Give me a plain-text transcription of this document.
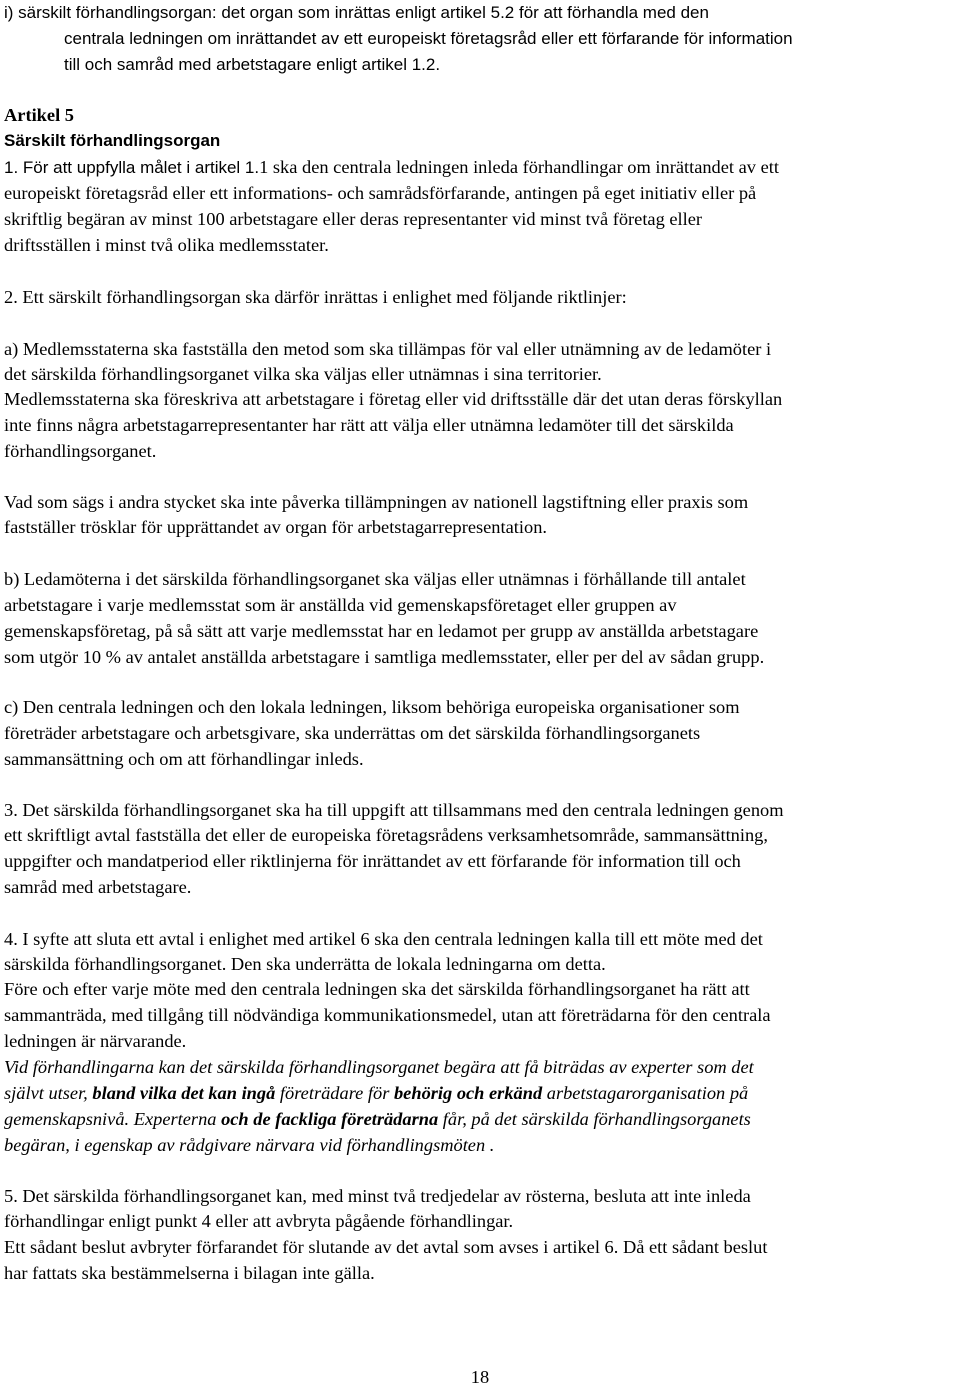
i) särskilt förhandlingsorgan: det organ som inrättas enligt artikel 5.2 för att förhandla med den
centrala ledningen om inrättandet av ett europeiskt företagsråd eller ett förfarande för information
till och samråd med arbetstagare enligt artikel 1.2.
Artikel 5
Särskilt förhandlingsorgan
1. För att uppfylla målet i artikel 1.1 ska den centrala ledningen inleda förhandlingar om inrättandet av ett
europeiskt företagsråd eller ett informations- och samrådsförfarande, antingen på eget initiativ eller på
skriftlig begäran av minst 100 arbetstagare eller deras representanter vid minst två företag eller
driftsställen i minst två olika medlemsstater.
2. Ett särskilt förhandlingsorgan ska därför inrättas i enlighet med följande riktlinjer:
a) Medlemsstaterna ska fastställa den metod som ska tillämpas för val eller utnämning av de ledamöter i
det särskilda förhandlingsorganet vilka ska väljas eller utnämnas i sina territorier.
Medlemsstaterna ska föreskriva att arbetstagare i företag eller vid driftsställe där det utan deras förskyllan
inte finns några arbetstagarrepresentanter har rätt att välja eller utnämna ledamöter till det särskilda
förhandlingsorganet.
Vad som sägs i andra stycket ska inte påverka tillämpningen av nationell lagstiftning eller praxis som
fastställer trösklar för upprättandet av organ för arbetstagarrepresentation.
b) Ledamöterna i det särskilda förhandlingsorganet ska väljas eller utnämnas i förhållande till antalet
arbetstagare i varje medlemsstat som är anställda vid gemenskapsföretaget eller gruppen av
gemenskapsföretag, på så sätt att varje medlemsstat har en ledamot per grupp av anställda arbetstagare
som utgör 10 % av antalet anställda arbetstagare i samtliga medlemsstater, eller per del av sådan grupp.
c) Den centrala ledningen och den lokala ledningen, liksom behöriga europeiska organisationer som
företräder arbetstagare och arbetsgivare, ska underrättas om det särskilda förhandlingsorganets
sammansättning och om att förhandlingar inleds.
3. Det särskilda förhandlingsorganet ska ha till uppgift att tillsammans med den centrala ledningen genom
ett skriftligt avtal fastställa det eller de europeiska företagsrådens verksamhetsområde, sammansättning,
uppgifter och mandatperiod eller riktlinjerna för inrättandet av ett förfarande för information till och
samråd med arbetstagare.
4. I syfte att sluta ett avtal i enlighet med artikel 6 ska den centrala ledningen kalla till ett möte med det
särskilda förhandlingsorganet. Den ska underrätta de lokala ledningarna om detta.
Före och efter varje möte med den centrala ledningen ska det särskilda förhandlingsorganet ha rätt att
sammanträda, med tillgång till nödvändiga kommunikationsmedel, utan att företrädarna för den centrala
ledningen är närvarande.
Vid förhandlingarna kan det särskilda förhandlingsorganet begära att få biträdas av experter som det
självt utser, bland vilka det kan ingå företrädare för behörig och erkänd arbetstagarorganisation på
gemenskapsnivå. Experterna och de fackliga företrädarna får, på det särskilda förhandlingsorganets
begäran, i egenskap av rådgivare närvara vid förhandlingsmöten .
5. Det särskilda förhandlingsorganet kan, med minst två tredjedelar av rösterna, besluta att inte inleda
förhandlingar enligt punkt 4 eller att avbryta pågående förhandlingar.
Ett sådant beslut avbryter förfarandet för slutande av det avtal som avses i artikel 6. Då ett sådant beslut
har fattats ska bestämmelserna i bilagan inte gälla.
18
